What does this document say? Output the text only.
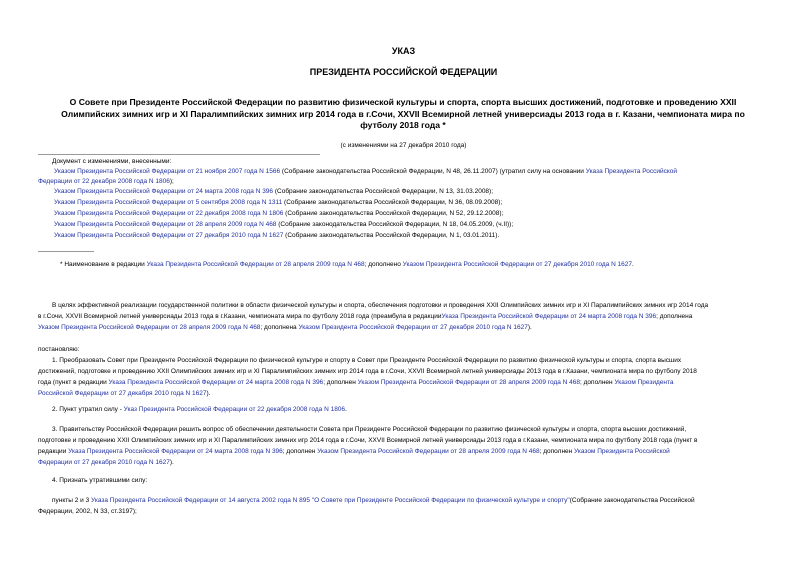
УКАЗ
ПРЕЗИДЕНТА РОССИЙСКОЙ ФЕДЕРАЦИИ
О Совете при Президенте Российской Федерации по развитию физической культуры и спорта, спорта высших достижений, подготовке и проведению XXII
Олимпийских зимних игр и XI Паралимпийских зимних игр 2014 года в г.Сочи, XXVII Всемирной летней универсиады 2013 года в г. Казани, чемпионата мира по
футболу 2018 года *
(с изменениями на 27 декабря 2010 года)
Документ с изменениями, внесенными:
Указом Президента Российской Федерации от 21 ноября 2007 года N 1566 (Собрание законодательства Российской Федерации, N 48, 26.11.2007) (утратил силу на основании Указа Президента Российской
Федерации от 22 декабря 2008 года N 1806);
Указом Президента Российской Федерации от 24 марта 2008 года N 396 (Собрание законодательства Российской Федерации, N 13, 31.03.2008);
Указом Президента Российской Федерации от 5 сентября 2008 года N 1311 (Собрание законодательства Российской Федерации, N 36, 08.09.2008);
Указом Президента Российской Федерации от 22 декабря 2008 года N 1806 (Собрание законодательства Российской Федерации, N 52, 29.12.2008);
Указом Президента Российской Федерации от 28 апреля 2009 года N 468 (Собрание законодательства Российской Федерации, N 18, 04.05.2009, (ч.II));
Указом Президента Российской Федерации от 27 декабря 2010 года N 1627 (Собрание законодательства Российской Федерации, N 1, 03.01.2011).
* Наименование в редакции Указа Президента Российской Федерации от 28 апреля 2009 года N 468; дополнено Указом Президента Российской Федерации от 27 декабря 2010 года N 1627.
В целях эффективной реализации государственной политики в области физической культуры и спорта, обеспечения подготовки и проведения XXII Олимпийских зимних игр и XI Паралимпийских зимних игр 2014 года
в г.Сочи, XXVII Всемирной летней универсиады 2013 года в г.Казани, чемпионата мира по футболу 2018 года (преамбула в редакцииУказа Президента Российской Федерации от 24 марта 2008 года N 396; дополнена
Указом Президента Российской Федерации от 28 апреля 2009 года N 468; дополнена Указом Президента Российской Федерации от 27 декабря 2010 года N 1627).
постановляю:
1. Преобразовать Совет при Президенте Российской Федерации по физической культуре и спорту в Совет при Президенте Российской Федерации по развитию физической культуры и спорта, спорта высших
достижений, подготовке и проведению XXII Олимпийских зимних игр и XI Паралимпийских зимних игр 2014 года в г.Сочи, XXVII Всемирной летней универсиады 2013 года в г.Казани, чемпионата мира по футболу 2018
года (пункт в редакции Указа Президента Российской Федерации от 24 марта 2008 года N 396; дополнен Указом Президента Российской Федерации от 28 апреля 2009 года N 468; дополнен Указом Президента
Российской Федерации от 27 декабря 2010 года N 1627).
2. Пункт утратил силу - Указ Президента Российской Федерации от 22 декабря 2008 года N 1806.
3. Правительству Российской Федерации решить вопрос об обеспечении деятельности Совета при Президенте Российской Федерации по развитию физической культуры и спорта, спорта высших достижений,
подготовке и проведению XXII Олимпийских зимних игр и XI Паралимпийских зимних игр 2014 года в г.Сочи, XXVII Всемирной летней универсиады 2013 года в г.Казани, чемпионата мира по футболу 2018 года (пункт в
редакции Указа Президента Российской Федерации от 24 марта 2008 года N 396; дополнен Указом Президента Российской Федерации от 28 апреля 2009 года N 468; дополнен Указом Президента Российской
Федерации от 27 декабря 2010 года N 1627).
4. Признать утратившими силу:
пункты 2 и 3 Указа Президента Российской Федерации от 14 августа 2002 года N 895 "О Совете при Президенте Российской Федерации по физической культуре и спорту"(Собрание законодательства Российской
Федерации, 2002, N 33, ст.3197);
